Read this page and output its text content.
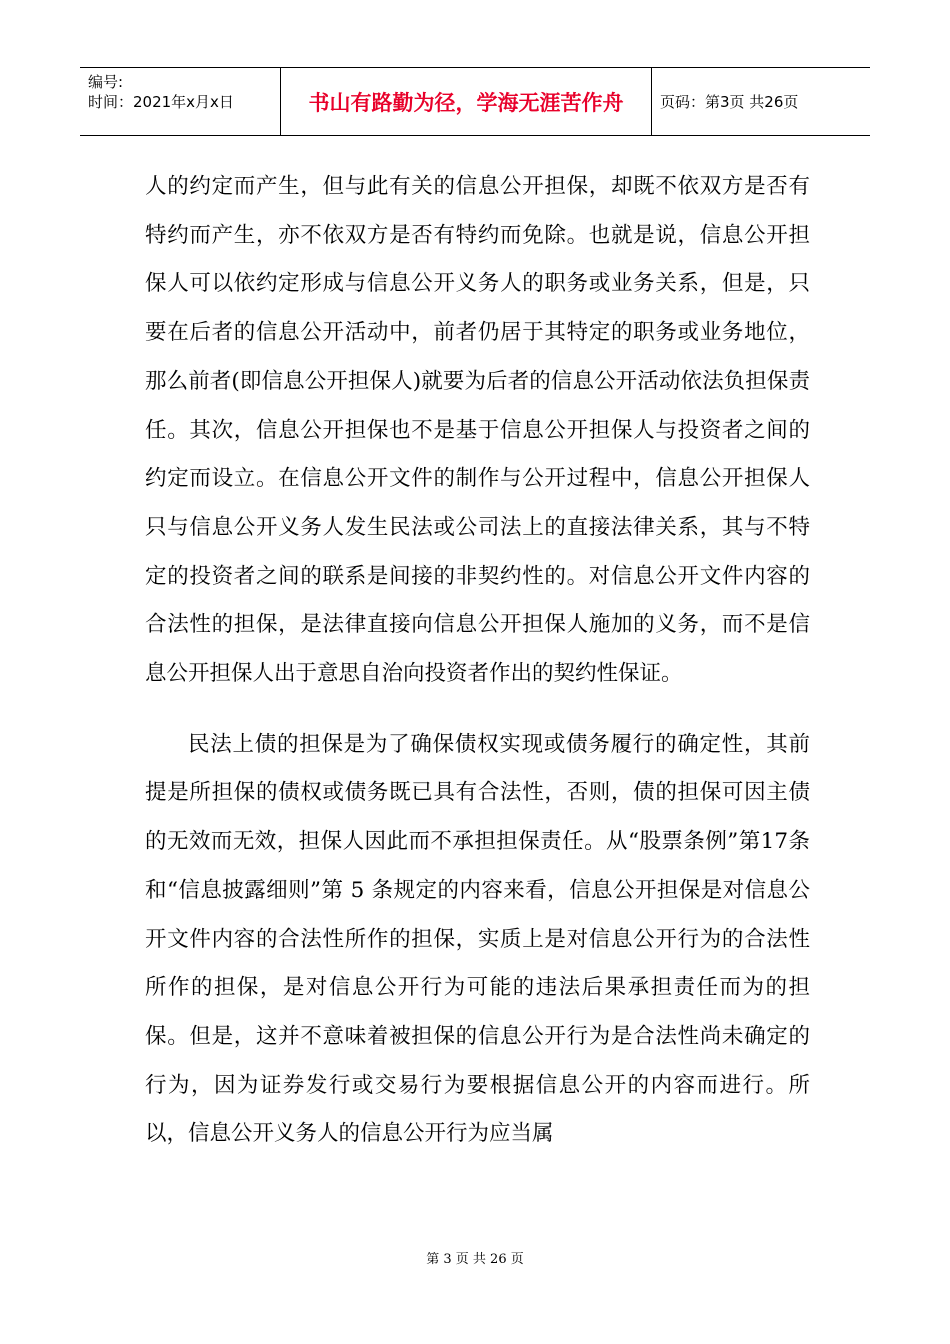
编号:
时间：2021年x月x日	书山有路勤为径，学海无涯苦作舟	页码：第3页 共26页

人的约定而产生，但与此有关的信息公开担保，却既不依双方是否有特约而产生，亦不依双方是否有特约而免除。也就是说，信息公开担保人可以依约定形成与信息公开义务人的职务或业务关系，但是，只要在后者的信息公开活动中，前者仍居于其特定的职务或业务地位，那么前者(即信息公开担保人)就要为后者的信息公开活动依法负担保责任。其次，信息公开担保也不是基于信息公开担保人与投资者之间的约定而设立。在信息公开文件的制作与公开过程中，信息公开担保人只与信息公开义务人发生民法或公司法上的直接法律关系，其与不特定的投资者之间的联系是间接的非契约性的。对信息公开文件内容的合法性的担保，是法律直接向信息公开担保人施加的义务，而不是信息公开担保人出于意思自治向投资者作出的契约性保证。

民法上债的担保是为了确保债权实现或债务履行的确定性，其前提是所担保的债权或债务既已具有合法性，否则，债的担保可因主债的无效而无效，担保人因此而不承担担保责任。从“股票条例”第17条和“信息披露细则”第 5 条规定的内容来看，信息公开担保是对信息公开文件内容的合法性所作的担保，实质上是对信息公开行为的合法性所作的担保，是对信息公开行为可能的违法后果承担责任而为的担保。但是，这并不意味着被担保的信息公开行为是合法性尚未确定的行为，因为证券发行或交易行为要根据信息公开的内容而进行。所以，信息公开义务人的信息公开行为应当属

第 3 页 共 26 页
